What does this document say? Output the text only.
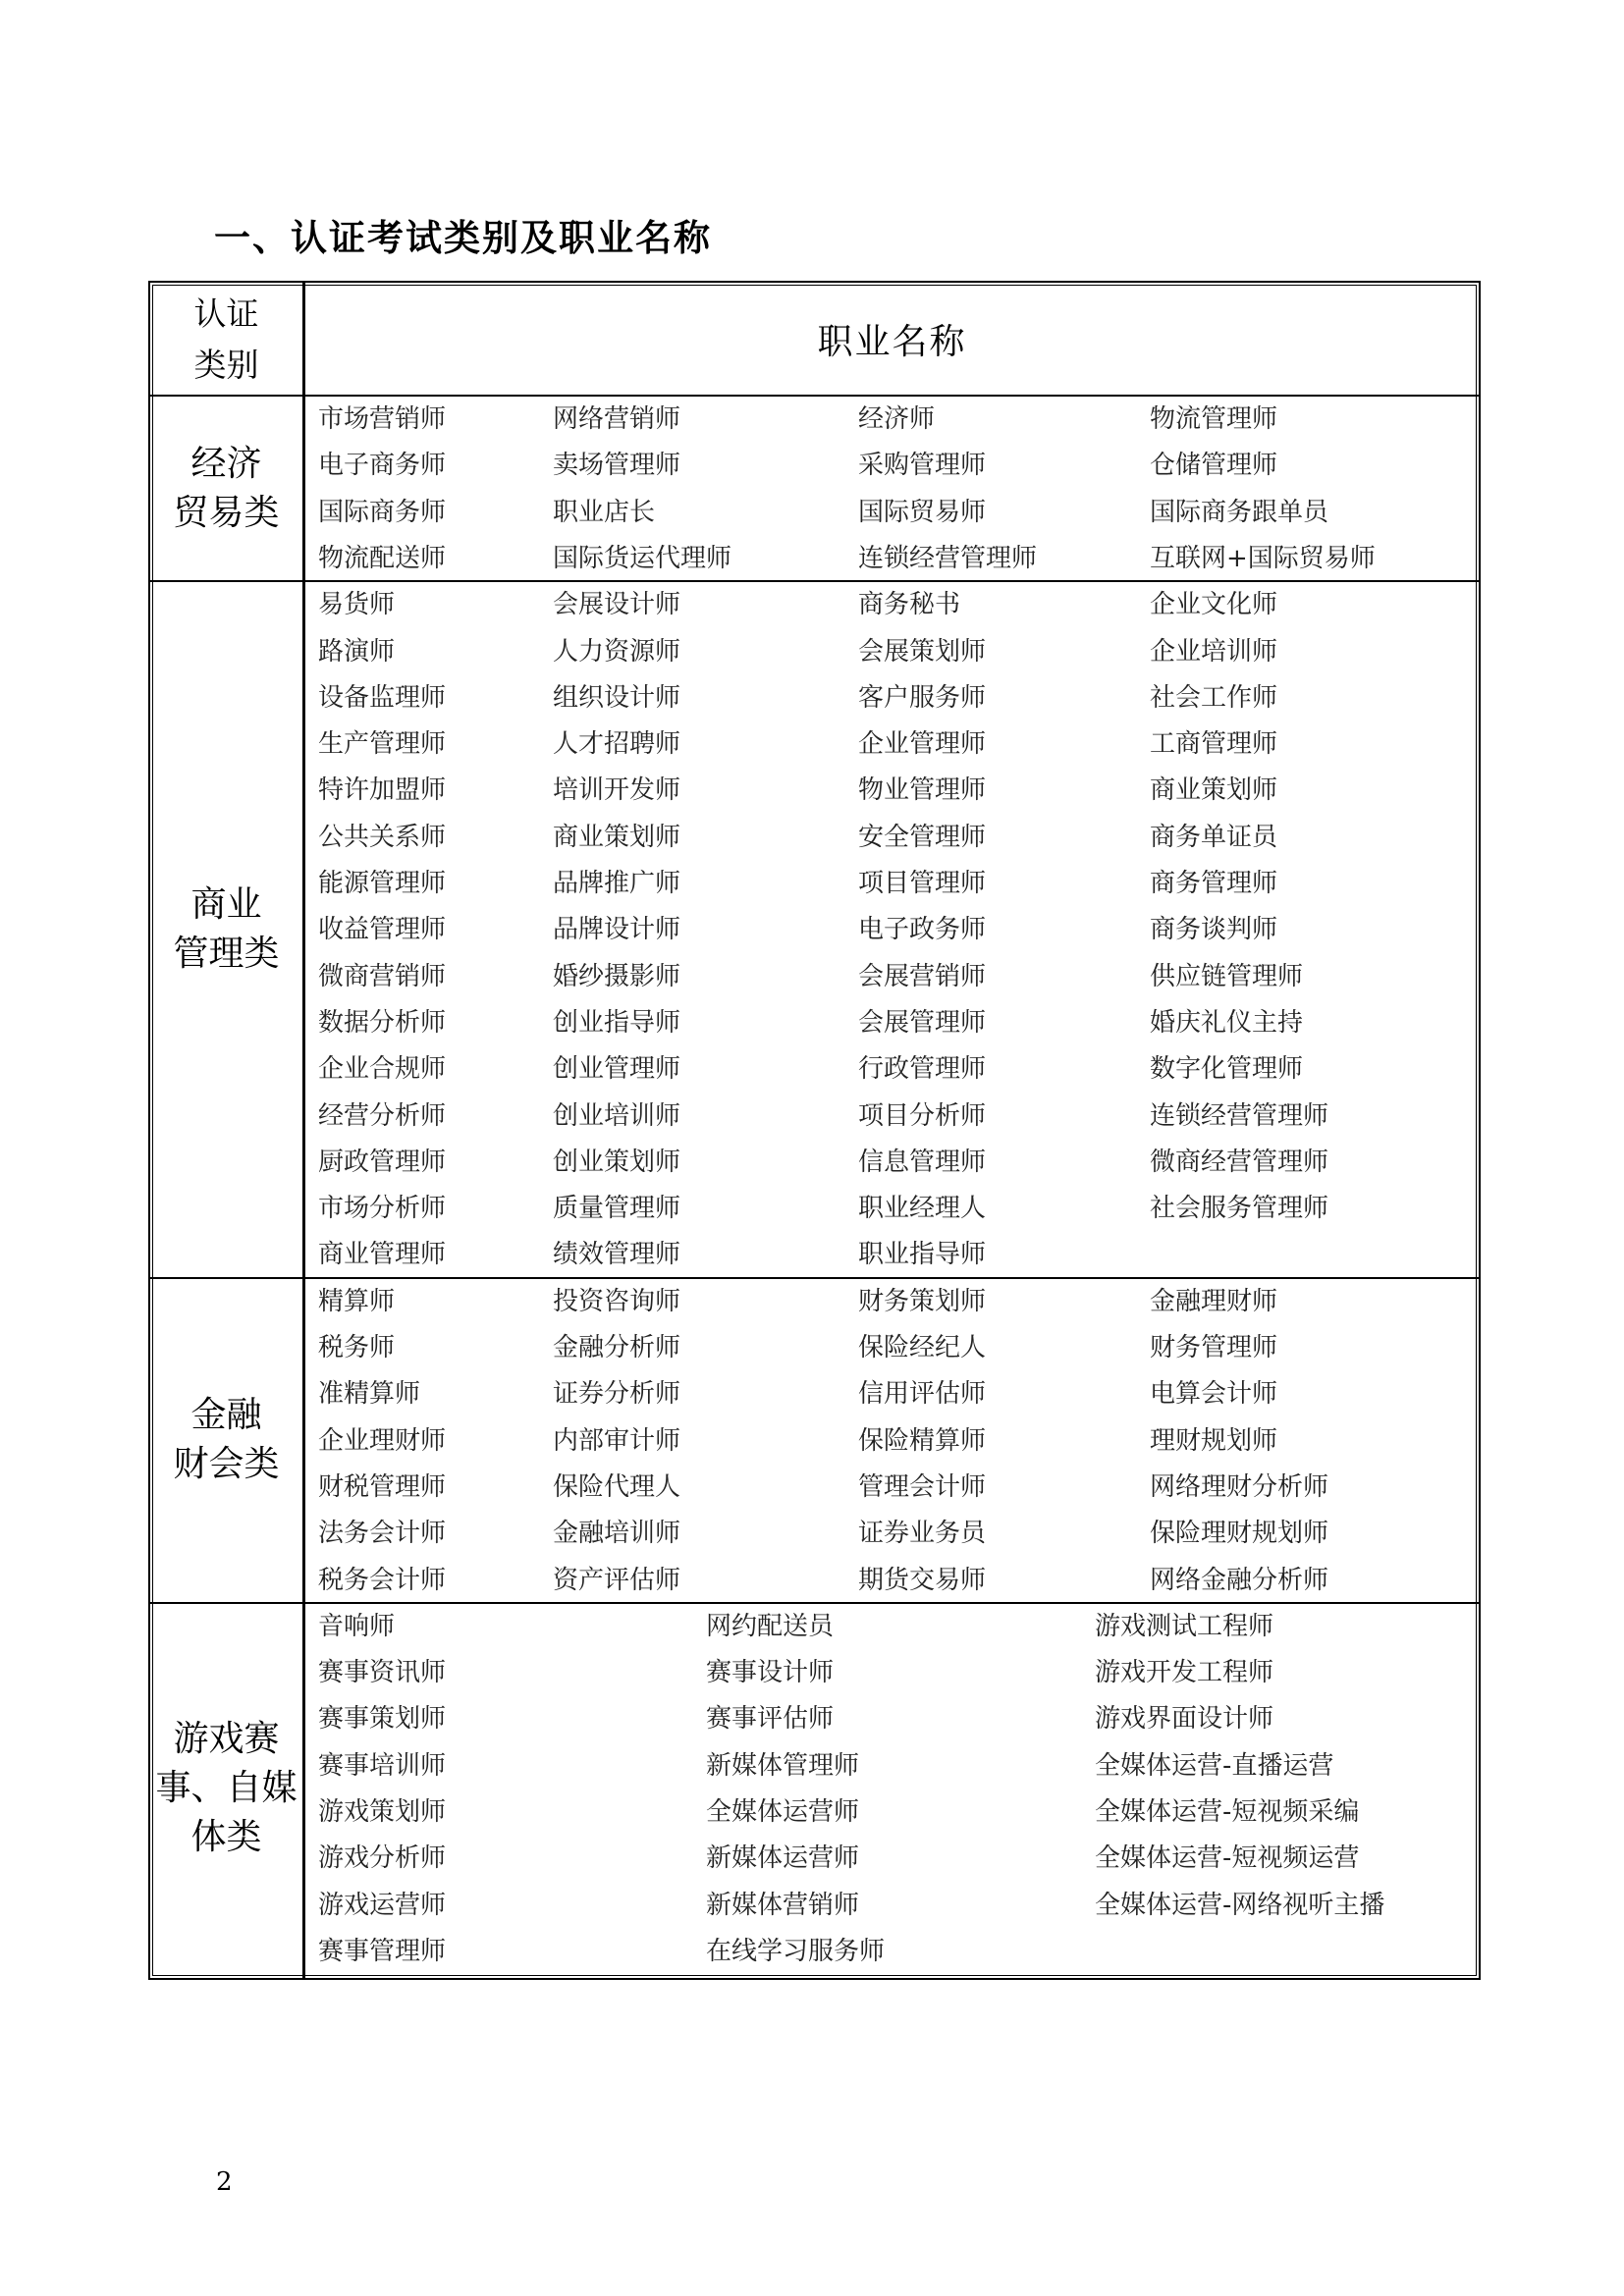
一、认证考试类别及职业名称
认证
类别
职业名称
经济
贸易类
市场营销师	网络营销师	经济师	物流管理师
电子商务师	卖场管理师	采购管理师	仓储管理师
国际商务师	职业店长	国际贸易师	国际商务跟单员
物流配送师	国际货运代理师	连锁经营管理师	互联网+国际贸易师
商业
管理类
易货师	会展设计师	商务秘书	企业文化师
路演师	人力资源师	会展策划师	企业培训师
设备监理师	组织设计师	客户服务师	社会工作师
生产管理师	人才招聘师	企业管理师	工商管理师
特许加盟师	培训开发师	物业管理师	商业策划师
公共关系师	商业策划师	安全管理师	商务单证员
能源管理师	品牌推广师	项目管理师	商务管理师
收益管理师	品牌设计师	电子政务师	商务谈判师
微商营销师	婚纱摄影师	会展营销师	供应链管理师
数据分析师	创业指导师	会展管理师	婚庆礼仪主持
企业合规师	创业管理师	行政管理师	数字化管理师
经营分析师	创业培训师	项目分析师	连锁经营管理师
厨政管理师	创业策划师	信息管理师	微商经营管理师
市场分析师	质量管理师	职业经理人	社会服务管理师
商业管理师	绩效管理师	职业指导师
金融
财会类
精算师	投资咨询师	财务策划师	金融理财师
税务师	金融分析师	保险经纪人	财务管理师
准精算师	证券分析师	信用评估师	电算会计师
企业理财师	内部审计师	保险精算师	理财规划师
财税管理师	保险代理人	管理会计师	网络理财分析师
法务会计师	金融培训师	证券业务员	保险理财规划师
税务会计师	资产评估师	期货交易师	网络金融分析师
游戏赛
事、自媒
体类
音响师	网约配送员	游戏测试工程师
赛事资讯师	赛事设计师	游戏开发工程师
赛事策划师	赛事评估师	游戏界面设计师
赛事培训师	新媒体管理师	全媒体运营-直播运营
游戏策划师	全媒体运营师	全媒体运营-短视频采编
游戏分析师	新媒体运营师	全媒体运营-短视频运营
游戏运营师	新媒体营销师	全媒体运营-网络视听主播
赛事管理师	在线学习服务师
2
